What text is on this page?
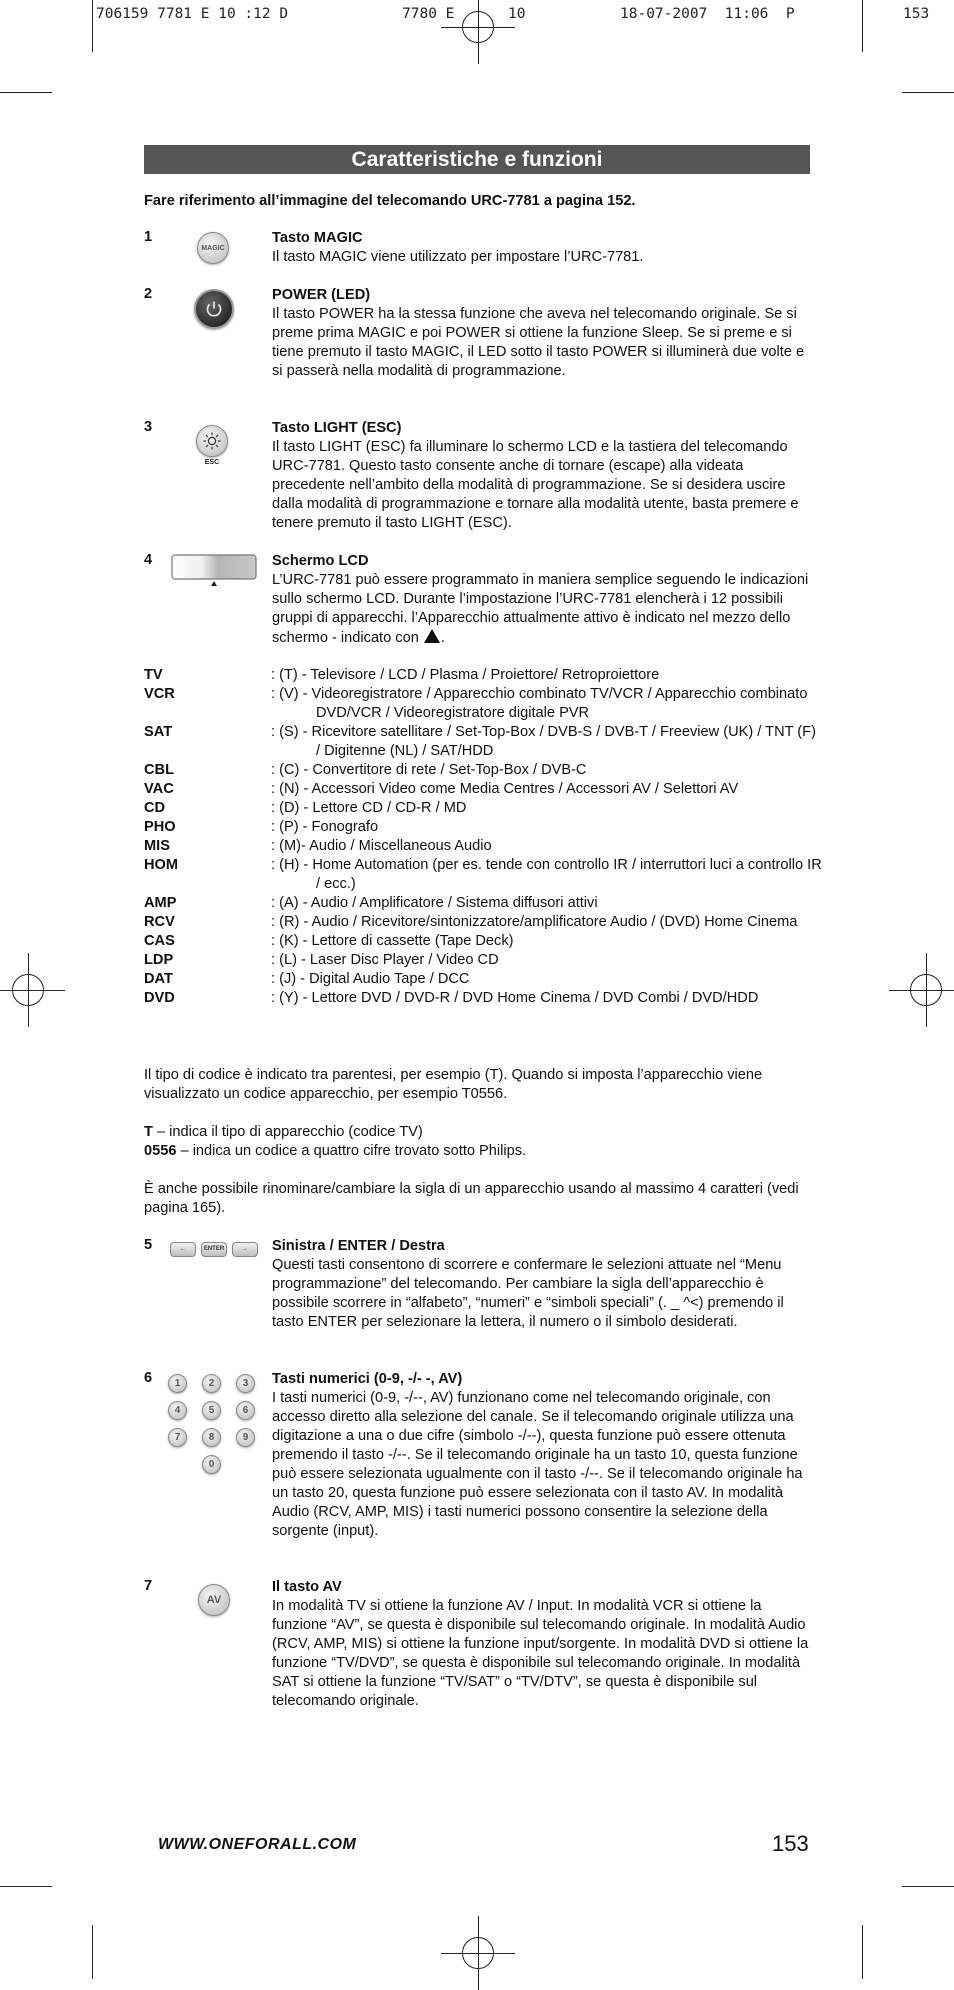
706159 7781 E 10 :12 D	7780 E	10	18-07-2007  11:06  P	153
Caratteristiche e funzioni
Fare riferimento all’immagine del telecomando URC-7781 a pagina 152.
1
MAGIC
Tasto MAGIC
Il tasto MAGIC viene utilizzato per impostare l’URC-7781.
2	POWER (LED)
Il tasto POWER ha la stessa funzione che aveva nel telecomando originale. Se si preme prima MAGIC e poi POWER si ottiene la funzione Sleep. Se si preme e si tiene premuto il tasto MAGIC, il LED sotto il tasto POWER si illuminerà due volte e si passerà nella modalità di programmazione.
3
ESC
Tasto LIGHT (ESC)
Il tasto LIGHT (ESC) fa illuminare lo schermo LCD e la tastiera del telecomando URC-7781. Questo tasto consente anche di tornare (escape) alla videata precedente nell’ambito della modalità di programmazione. Se si desidera uscire dalla modalità di programmazione e tornare alla modalità utente, basta premere e tenere premuto il tasto LIGHT (ESC).
4	Schermo LCD
L’URC-7781 può essere programmato in maniera semplice seguendo le indicazioni sullo schermo LCD. Durante l’impostazione l’URC-7781 elencherà i 12 possibili gruppi di apparecchi. l’Apparecchio attualmente attivo è indicato nel mezzo dello schermo - indicato con .
TV	: (T) - Televisore / LCD / Plasma / Proiettore/ Retroproiettore
VCR	: (V) - Videoregistratore / Apparecchio combinato TV/VCR / Apparecchio combinato DVD/VCR / Videoregistratore digitale PVR
SAT	: (S) - Ricevitore satellitare / Set-Top-Box / DVB-S / DVB-T / Freeview (UK) / TNT (F) / Digitenne (NL) / SAT/HDD
CBL	: (C) - Convertitore di rete / Set-Top-Box / DVB-C
VAC	: (N) - Accessori Video come Media Centres / Accessori AV / Selettori AV
CD	: (D) - Lettore CD / CD-R / MD
PHO	: (P) - Fonografo
MIS	: (M)- Audio / Miscellaneous Audio
HOM	: (H) - Home Automation (per es. tende con controllo IR / interruttori luci a controllo IR / ecc.)
AMP	: (A) - Audio / Amplificatore / Sistema diffusori attivi
RCV	: (R) - Audio / Ricevitore/sintonizzatore/amplificatore Audio / (DVD) Home Cinema
CAS	: (K) - Lettore di cassette (Tape Deck)
LDP	: (L) - Laser Disc Player / Video CD
DAT	: (J) - Digital Audio Tape / DCC
DVD	: (Y) - Lettore DVD / DVD-R / DVD Home Cinema / DVD Combi / DVD/HDD
Il tipo di codice è indicato tra parentesi, per esempio (T). Quando si imposta l’apparecchio viene visualizzato un codice apparecchio, per esempio T0556.
T – indica il tipo di apparecchio (codice TV)
0556 – indica un codice a quattro cifre trovato sotto Philips.
È anche possibile rinominare/cambiare la sigla di un apparecchio usando al massimo 4 caratteri (vedi pagina 165).
5	←	ENTER	→	Sinistra / ENTER / Destra
Questi tasti consentono di scorrere e confermare le selezioni attuate nel “Menu programmazione” del telecomando. Per cambiare la sigla dell’apparecchio è possibile scorrere in “alfabeto”, “numeri” e “simboli speciali” (. _ ^<) premendo il tasto ENTER per selezionare la lettera, il numero o il simbolo desiderati.
6	1	2	3
4	5	6
7	8	9
0
Tasti numerici (0-9, -/- -, AV)
I tasti numerici (0-9, -/--, AV) funzionano come nel telecomando originale, con accesso diretto alla selezione del canale. Se il telecomando originale utilizza una digitazione a una o due cifre (simbolo -/--), questa funzione può essere ottenuta premendo il tasto -/--. Se il telecomando originale ha un tasto 10, questa funzione può essere selezionata ugualmente con il tasto -/--. Se il telecomando originale ha un tasto 20, questa funzione può essere selezionata con il tasto AV. In modalità Audio (RCV, AMP, MIS) i tasti numerici possono consentire la selezione della sorgente (input).
7
AV
Il tasto AV
In modalità TV si ottiene la funzione AV / Input. In modalità VCR si ottiene la funzione “AV”, se questa è disponibile sul telecomando originale. In modalità Audio (RCV, AMP, MIS) si ottiene la funzione input/sorgente. In modalità DVD si ottiene la funzione “TV/DVD”, se questa è disponibile sul telecomando originale. In modalità SAT si ottiene la funzione “TV/SAT” o “TV/DTV”, se questa è disponibile sul telecomando originale.
WWW.ONEFORALL.COM	153
